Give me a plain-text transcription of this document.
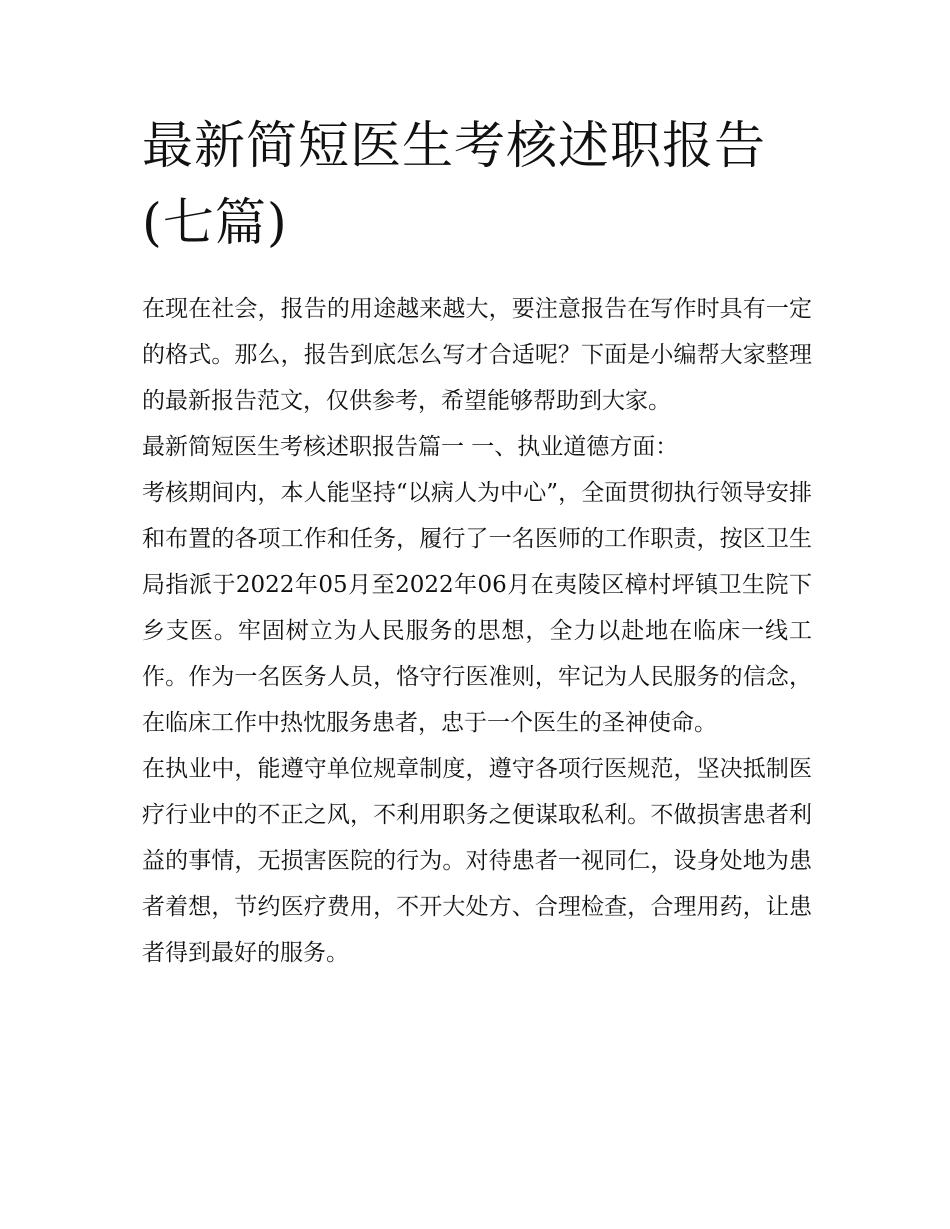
最新简短医生考核述职报告(七篇)

在现在社会，报告的用途越来越大，要注意报告在写作时具有一定的格式。那么，报告到底怎么写才合适呢？下面是小编帮大家整理的最新报告范文，仅供参考，希望能够帮助到大家。

最新简短医生考核述职报告篇一 一、执业道德方面：

考核期间内，本人能坚持“以病人为中心”，全面贯彻执行领导安排和布置的各项工作和任务，履行了一名医师的工作职责，按区卫生局指派于2022年05月至2022年06月在夷陵区樟村坪镇卫生院下乡支医。牢固树立为人民服务的思想，全力以赴地在临床一线工作。作为一名医务人员，恪守行医准则，牢记为人民服务的信念，在临床工作中热忱服务患者，忠于一个医生的圣神使命。

在执业中，能遵守单位规章制度，遵守各项行医规范，坚决抵制医疗行业中的不正之风，不利用职务之便谋取私利。不做损害患者利益的事情，无损害医院的行为。对待患者一视同仁，设身处地为患者着想，节约医疗费用，不开大处方、合理检查，合理用药，让患者得到最好的服务。
